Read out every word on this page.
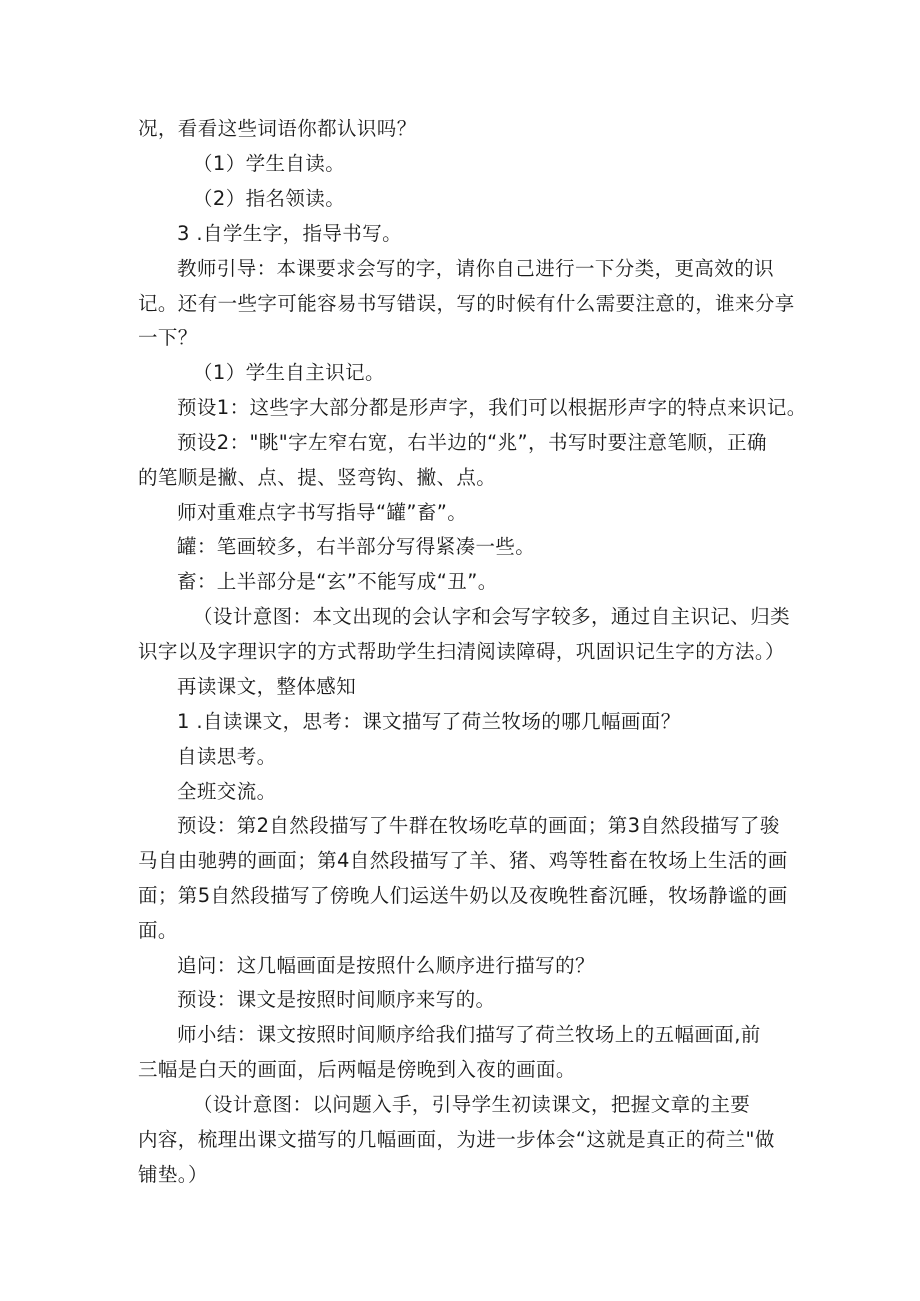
况，看看这些词语你都认识吗？
（1）学生自读。
（2）指名领读。
3 .自学生字，指导书写。
教师引导：本课要求会写的字，请你自己进行一下分类，更高效的识
记。还有一些字可能容易书写错误，写的时候有什么需要注意的，谁来分享
一下？
（1）学生自主识记。
预设1：这些字大部分都是形声字，我们可以根据形声字的特点来识记。
预设2："眺"字左窄右宽，右半边的“兆”，书写时要注意笔顺，正确
的笔顺是撇、点、提、竖弯钩、撇、点。
师对重难点字书写指导“罐”畜”。
罐：笔画较多，右半部分写得紧凑一些。
畜：上半部分是“玄”不能写成“丑”。
（设计意图：本文出现的会认字和会写字较多，通过自主识记、归类
识字以及字理识字的方式帮助学生扫清阅读障碍，巩固识记生字的方法。）
再读课文，整体感知
1 .自读课文，思考：课文描写了荷兰牧场的哪几幅画面？
自读思考。
全班交流。
预设：第2自然段描写了牛群在牧场吃草的画面；第3自然段描写了骏
马自由驰骋的画面；第4自然段描写了羊、猪、鸡等牲畜在牧场上生活的画
面；第5自然段描写了傍晚人们运送牛奶以及夜晚牲畜沉睡，牧场静谧的画
面。
追问：这几幅画面是按照什么顺序进行描写的？
预设：课文是按照时间顺序来写的。
师小结：课文按照时间顺序给我们描写了荷兰牧场上的五幅画面,前
三幅是白天的画面，后两幅是傍晚到入夜的画面。
（设计意图：以问题入手，引导学生初读课文，把握文章的主要
内容，梳理出课文描写的几幅画面，为进一步体会“这就是真正的荷兰"做
铺垫。）
